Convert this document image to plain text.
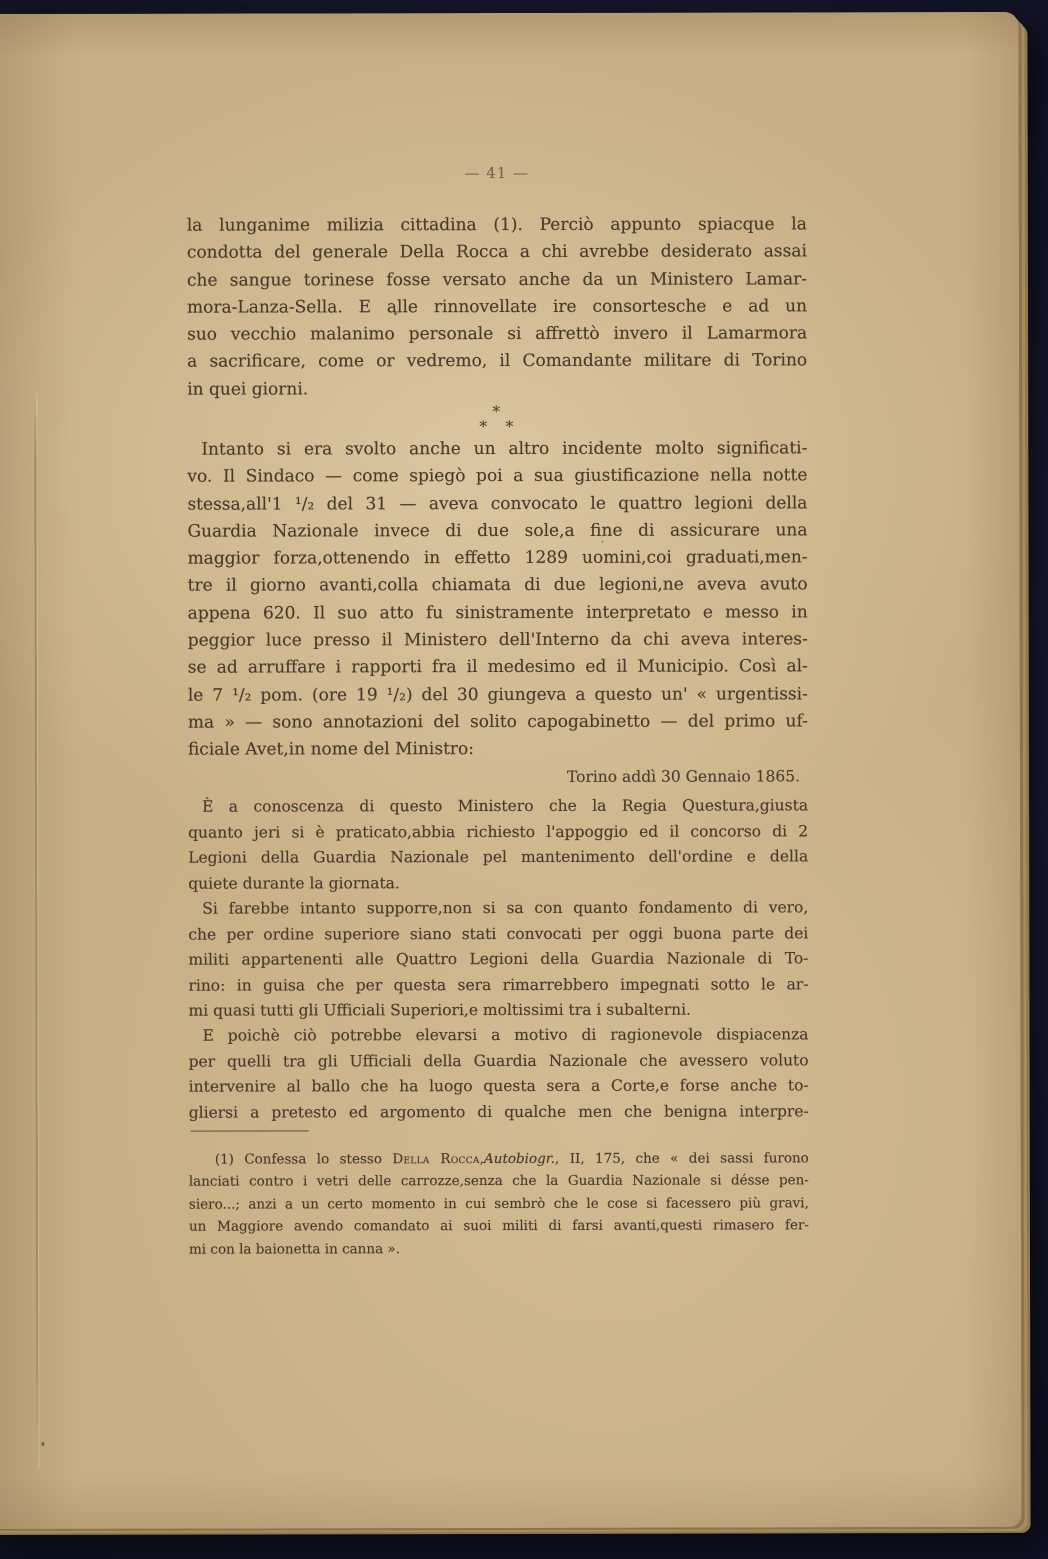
— 41 —
la lunganime milizia cittadina (1). Perciò appunto spiacque la
condotta del generale Della Rocca a chi avrebbe desiderato assai
che sangue torinese fosse versato anche da un Ministero Lamar-
mora-Lanza-Sella. E alle rinnovellate ire consortesche e ad un
suo vecchio malanimo personale si affrettò invero il Lamarmora
a sacrificare, come or vedremo, il Comandante militare di Torino
in quei giorni.
*
* *
Intanto si era svolto anche un altro incidente molto significati-
vo. Il Sindaco — come spiegò poi a sua giustificazione nella notte
stessa,all'1 ¹/₂ del 31 — aveva convocato le quattro legioni della
Guardia Nazionale invece di due sole,a fine di assicurare una
maggior forza,ottenendo in effetto 1289 uomini,coi graduati,men-
tre il giorno avanti,colla chiamata di due legioni,ne aveva avuto
appena 620. Il suo atto fu sinistramente interpretato e messo in
peggior luce presso il Ministero dell'Interno da chi aveva interes-
se ad arruffare i rapporti fra il medesimo ed il Municipio. Così al-
le 7 ¹/₂ pom. (ore 19 ¹/₂) del 30 giungeva a questo un' « urgentissi-
ma » — sono annotazioni del solito capogabinetto — del primo uf-
ficiale Avet,in nome del Ministro:
Torino addì 30 Gennaio 1865.
È a conoscenza di questo Ministero che la Regia Questura,giusta
quanto jeri si è praticato,abbia richiesto l'appoggio ed il concorso di 2
Legioni della Guardia Nazionale pel mantenimento dell'ordine e della
quiete durante la giornata.
Si farebbe intanto supporre,non si sa con quanto fondamento di vero,
che per ordine superiore siano stati convocati per oggi buona parte dei
militi appartenenti alle Quattro Legioni della Guardia Nazionale di To-
rino: in guisa che per questa sera rimarrebbero impegnati sotto le ar-
mi quasi tutti gli Ufficiali Superiori,e moltissimi tra i subalterni.
E poichè ciò potrebbe elevarsi a motivo di ragionevole dispiacenza
per quelli tra gli Ufficiali della Guardia Nazionale che avessero voluto
intervenire al ballo che ha luogo questa sera a Corte,e forse anche to-
gliersi a pretesto ed argomento di qualche men che benigna interpre-
(1) Confessa lo stesso Della Rocca,Autobiogr., II, 175, che « dei sassi furono
lanciati contro i vetri delle carrozze,senza che la Guardia Nazionale si désse pen-
siero...; anzi a un certo momento in cui sembrò che le cose si facessero più gravi,
un Maggiore avendo comandato ai suoi militi di farsi avanti,questi rimasero fer-
mi con la baionetta in canna ».
